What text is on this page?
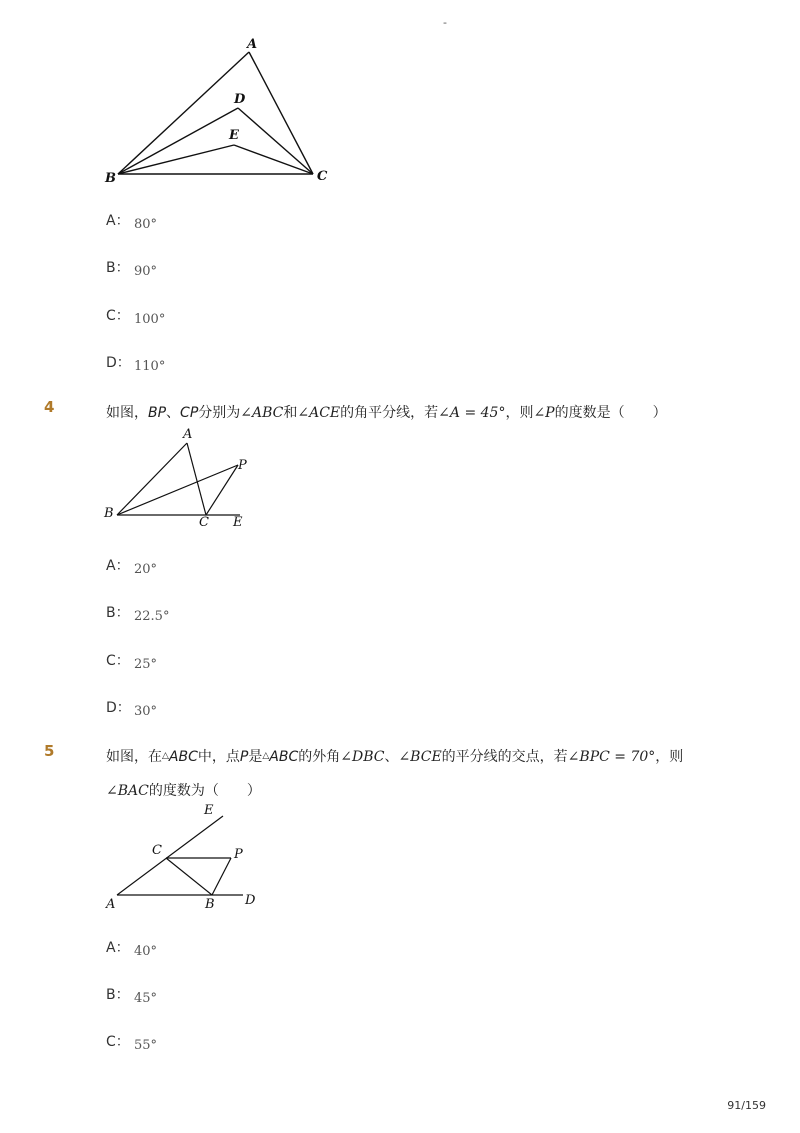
-
A
D
E
B	C
A： 80°
B： 90°
C： 100°
D： 110°
4	如图，BP、CP分别为∠ABC和∠ACE的角平分线，若∠A = 45°，则∠P的度数是（　　）
A
P
B
C E
A： 20°
B： 22.5°
C： 25°
D： 30°
5	如图，在△ABC中，点P是△ABC的外角∠DBC、∠BCE的平分线的交点，若∠BPC = 70°，则
∠BAC的度数为（　　）
E
C	P
A	B D
A： 40°
B： 45°
C： 55°
91/159
